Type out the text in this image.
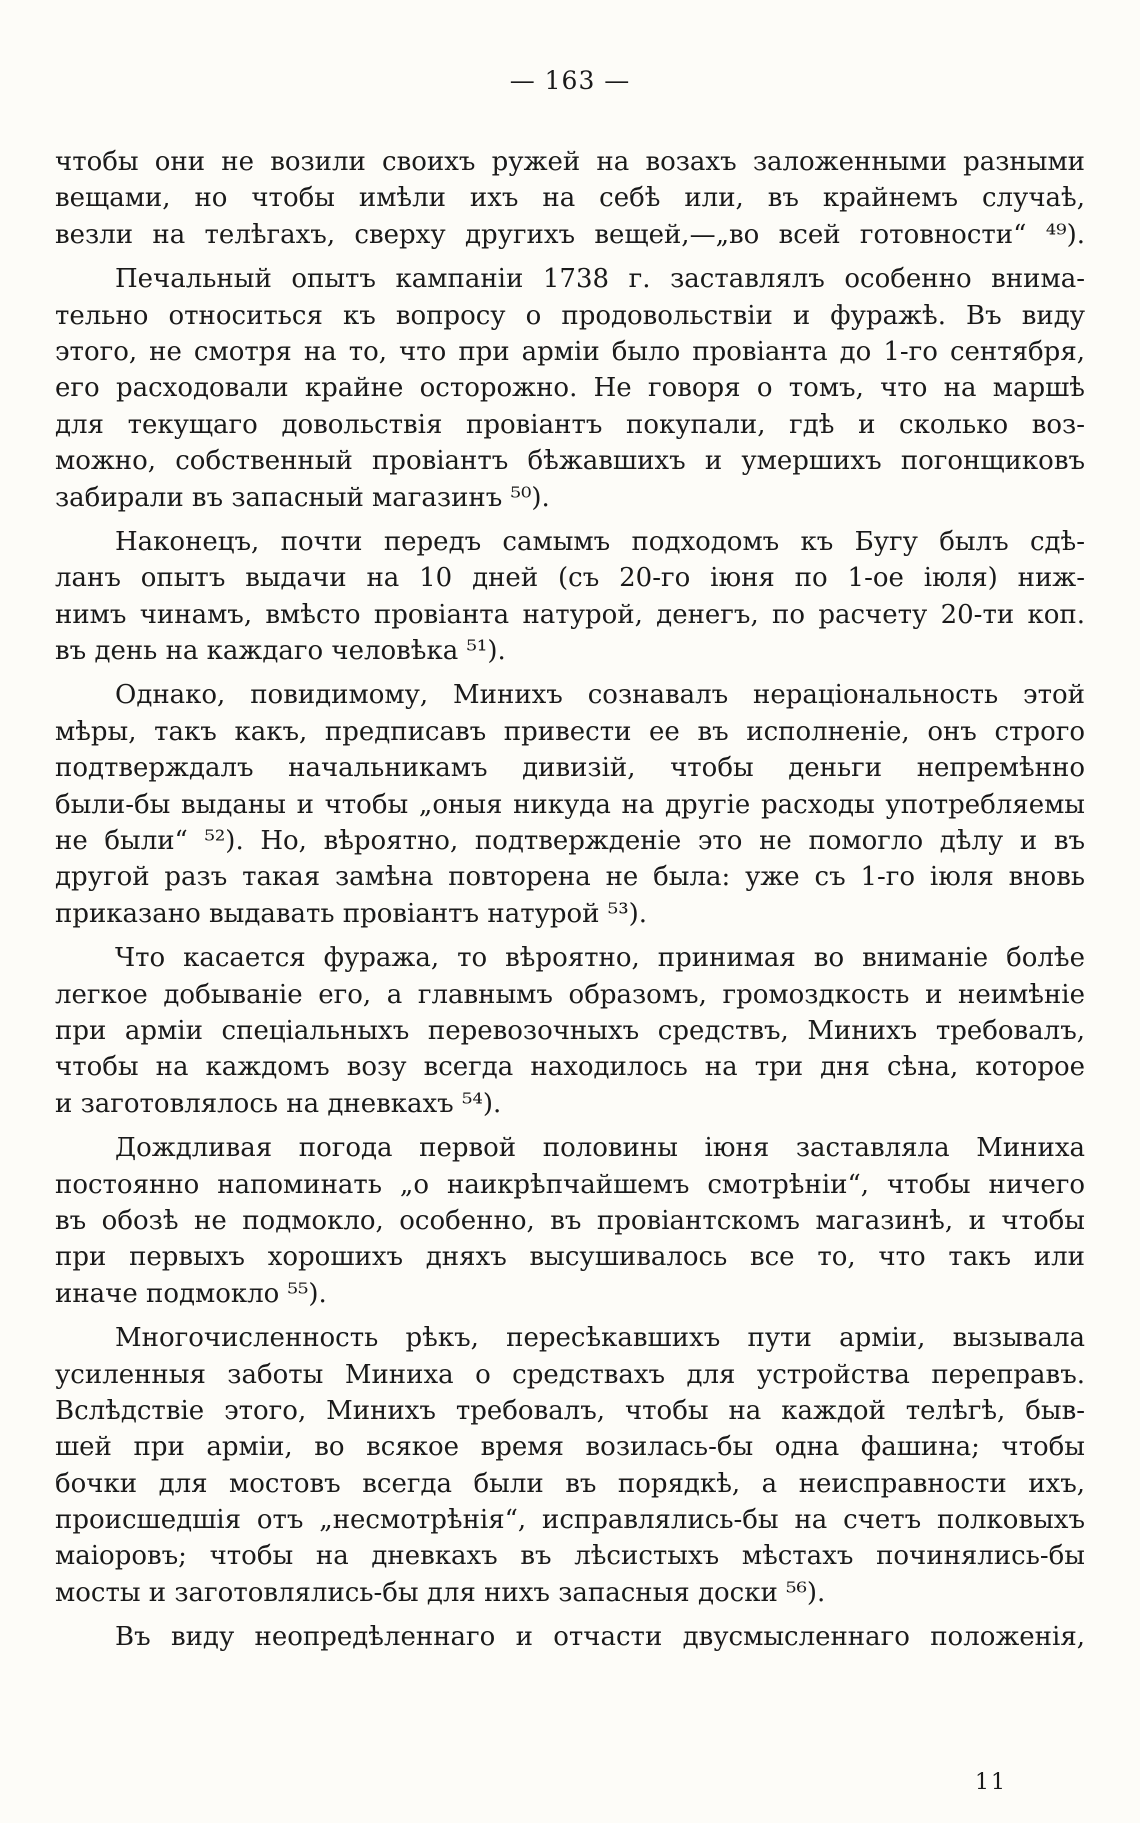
— 163 —
чтобы они не возили своихъ ружей на возахъ заложенными разными
вещами, но чтобы имѣли ихъ на себѣ или, въ крайнемъ случаѣ,
везли на телѣгахъ, сверху другихъ вещей,—„во всей готовности“ ⁴⁹).
Печальный опытъ кампаніи 1738 г. заставлялъ особенно внима-
тельно относиться къ вопросу о продовольствіи и фуражѣ. Въ виду
этого, не смотря на то, что при арміи было провіанта до 1-го сентября,
его расходовали крайне осторожно. Не говоря о томъ, что на маршѣ
для текущаго довольствія провіантъ покупали, гдѣ и сколько воз-
можно, собственный провіантъ бѣжавшихъ и умершихъ погонщиковъ
забирали въ запасный магазинъ ⁵⁰).
Наконецъ, почти передъ самымъ подходомъ къ Бугу былъ сдѣ-
ланъ опытъ выдачи на 10 дней (съ 20-го іюня по 1-ое іюля) ниж-
нимъ чинамъ, вмѣсто провіанта натурой, денегъ, по расчету 20-ти коп.
въ день на каждаго человѣка ⁵¹).
Однако, повидимому, Минихъ сознавалъ нераціональность этой
мѣры, такъ какъ, предписавъ привести ее въ исполненіе, онъ строго
подтверждалъ начальникамъ дивизій, чтобы деньги непремѣнно
были-бы выданы и чтобы „оныя никуда на другіе расходы употребляемы
не были“ ⁵²). Но, вѣроятно, подтвержденіе это не помогло дѣлу и въ
другой разъ такая замѣна повторена не была: уже съ 1-го іюля вновь
приказано выдавать провіантъ натурой ⁵³).
Что касается фуража, то вѣроятно, принимая во вниманіе болѣе
легкое добываніе его, а главнымъ образомъ, громоздкость и неимѣніе
при арміи спеціальныхъ перевозочныхъ средствъ, Минихъ требовалъ,
чтобы на каждомъ возу всегда находилось на три дня сѣна, которое
и заготовлялось на дневкахъ ⁵⁴).
Дождливая погода первой половины іюня заставляла Миниха
постоянно напоминать „о наикрѣпчайшемъ смотрѣніи“, чтобы ничего
въ обозѣ не подмокло, особенно, въ провіантскомъ магазинѣ, и чтобы
при первыхъ хорошихъ дняхъ высушивалось все то, что такъ или
иначе подмокло ⁵⁵).
Многочисленность рѣкъ, пересѣкавшихъ пути арміи, вызывала
усиленныя заботы Миниха о средствахъ для устройства переправъ.
Вслѣдствіе этого, Минихъ требовалъ, чтобы на каждой телѣгѣ, быв-
шей при арміи, во всякое время возилась-бы одна фашина; чтобы
бочки для мостовъ всегда были въ порядкѣ, а неисправности ихъ,
происшедшія отъ „несмотрѣнія“, исправлялись-бы на счетъ полковыхъ
маіоровъ; чтобы на дневкахъ въ лѣсистыхъ мѣстахъ починялись-бы
мосты и заготовлялись-бы для нихъ запасныя доски ⁵⁶).
Въ виду неопредѣленнаго и отчасти двусмысленнаго положенія,
11
